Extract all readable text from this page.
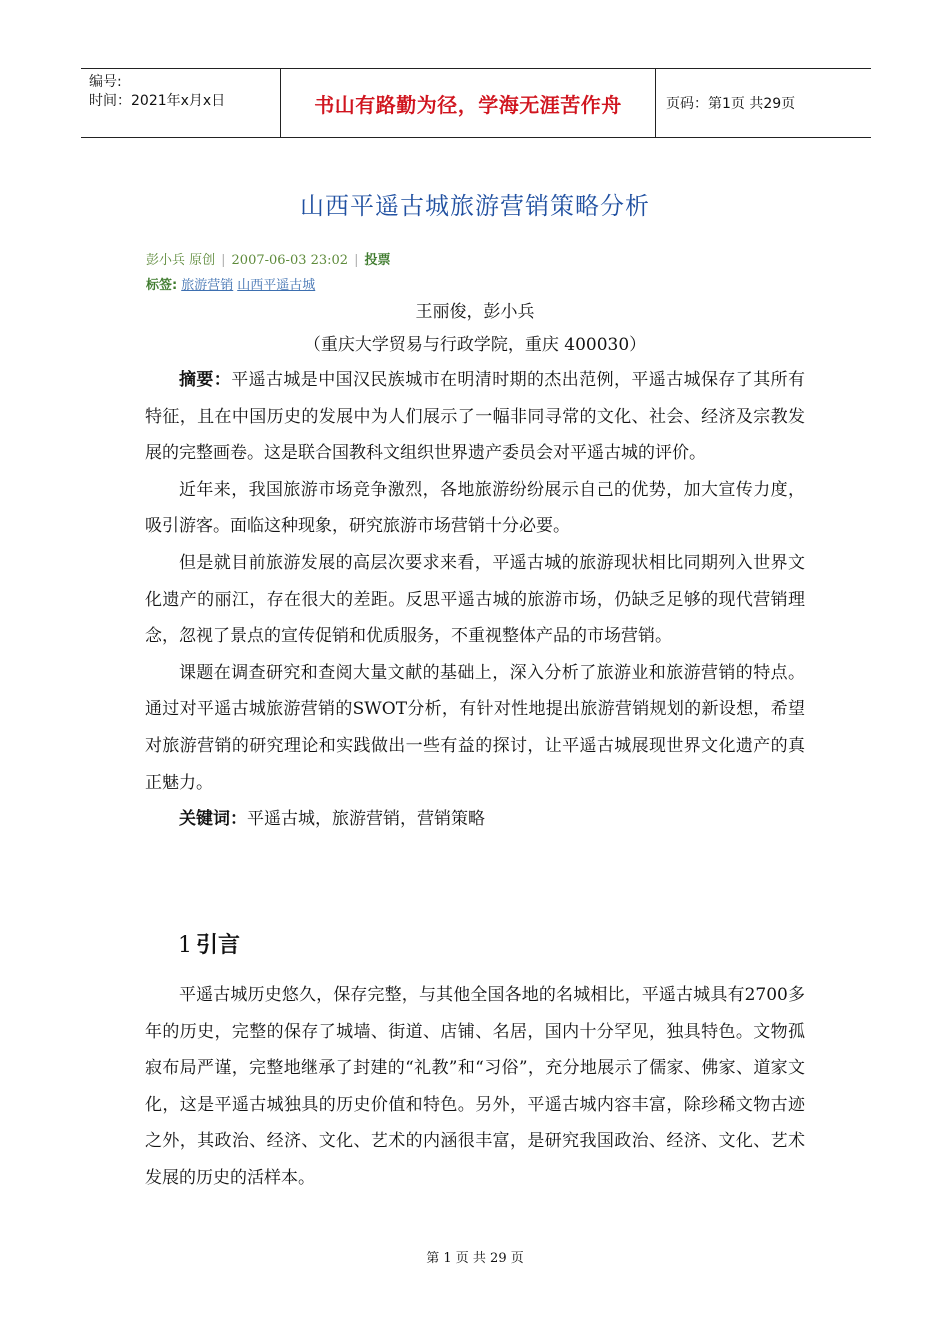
编号:
时间：2021年x月x日	书山有路勤为径，学海无涯苦作舟	页码：第1页 共29页
山西平遥古城旅游营销策略分析
彭小兵 原创 | 2007-06-03 23:02 | 投票
标签: 旅游营销 山西平遥古城
王丽俊，彭小兵
（重庆大学贸易与行政学院，重庆 400030）

摘要：平遥古城是中国汉民族城市在明清时期的杰出范例，平遥古城保存了其所有特征，且在中国历史的发展中为人们展示了一幅非同寻常的文化、社会、经济及宗教发展的完整画卷。这是联合国教科文组织世界遗产委员会对平遥古城的评价。

近年来，我国旅游市场竞争激烈，各地旅游纷纷展示自己的优势，加大宣传力度，吸引游客。面临这种现象，研究旅游市场营销十分必要。

但是就目前旅游发展的高层次要求来看，平遥古城的旅游现状相比同期列入世界文化遗产的丽江，存在很大的差距。反思平遥古城的旅游市场，仍缺乏足够的现代营销理念，忽视了景点的宣传促销和优质服务，不重视整体产品的市场营销。

课题在调查研究和查阅大量文献的基础上，深入分析了旅游业和旅游营销的特点。通过对平遥古城旅游营销的SWOT分析，有针对性地提出旅游营销规划的新设想，希望对旅游营销的研究理论和实践做出一些有益的探讨，让平遥古城展现世界文化遗产的真正魅力。

关键词：平遥古城，旅游营销，营销策略

1 引言

平遥古城历史悠久，保存完整，与其他全国各地的名城相比，平遥古城具有2700多年的历史，完整的保存了城墙、街道、店铺、名居，国内十分罕见，独具特色。文物孤寂布局严谨，完整地继承了封建的“礼教”和“习俗”，充分地展示了儒家、佛家、道家文化，这是平遥古城独具的历史价值和特色。另外，平遥古城内容丰富，除珍稀文物古迹之外，其政治、经济、文化、艺术的内涵很丰富，是研究我国政治、经济、文化、艺术发展的历史的活样本。

第 1 页 共 29 页
